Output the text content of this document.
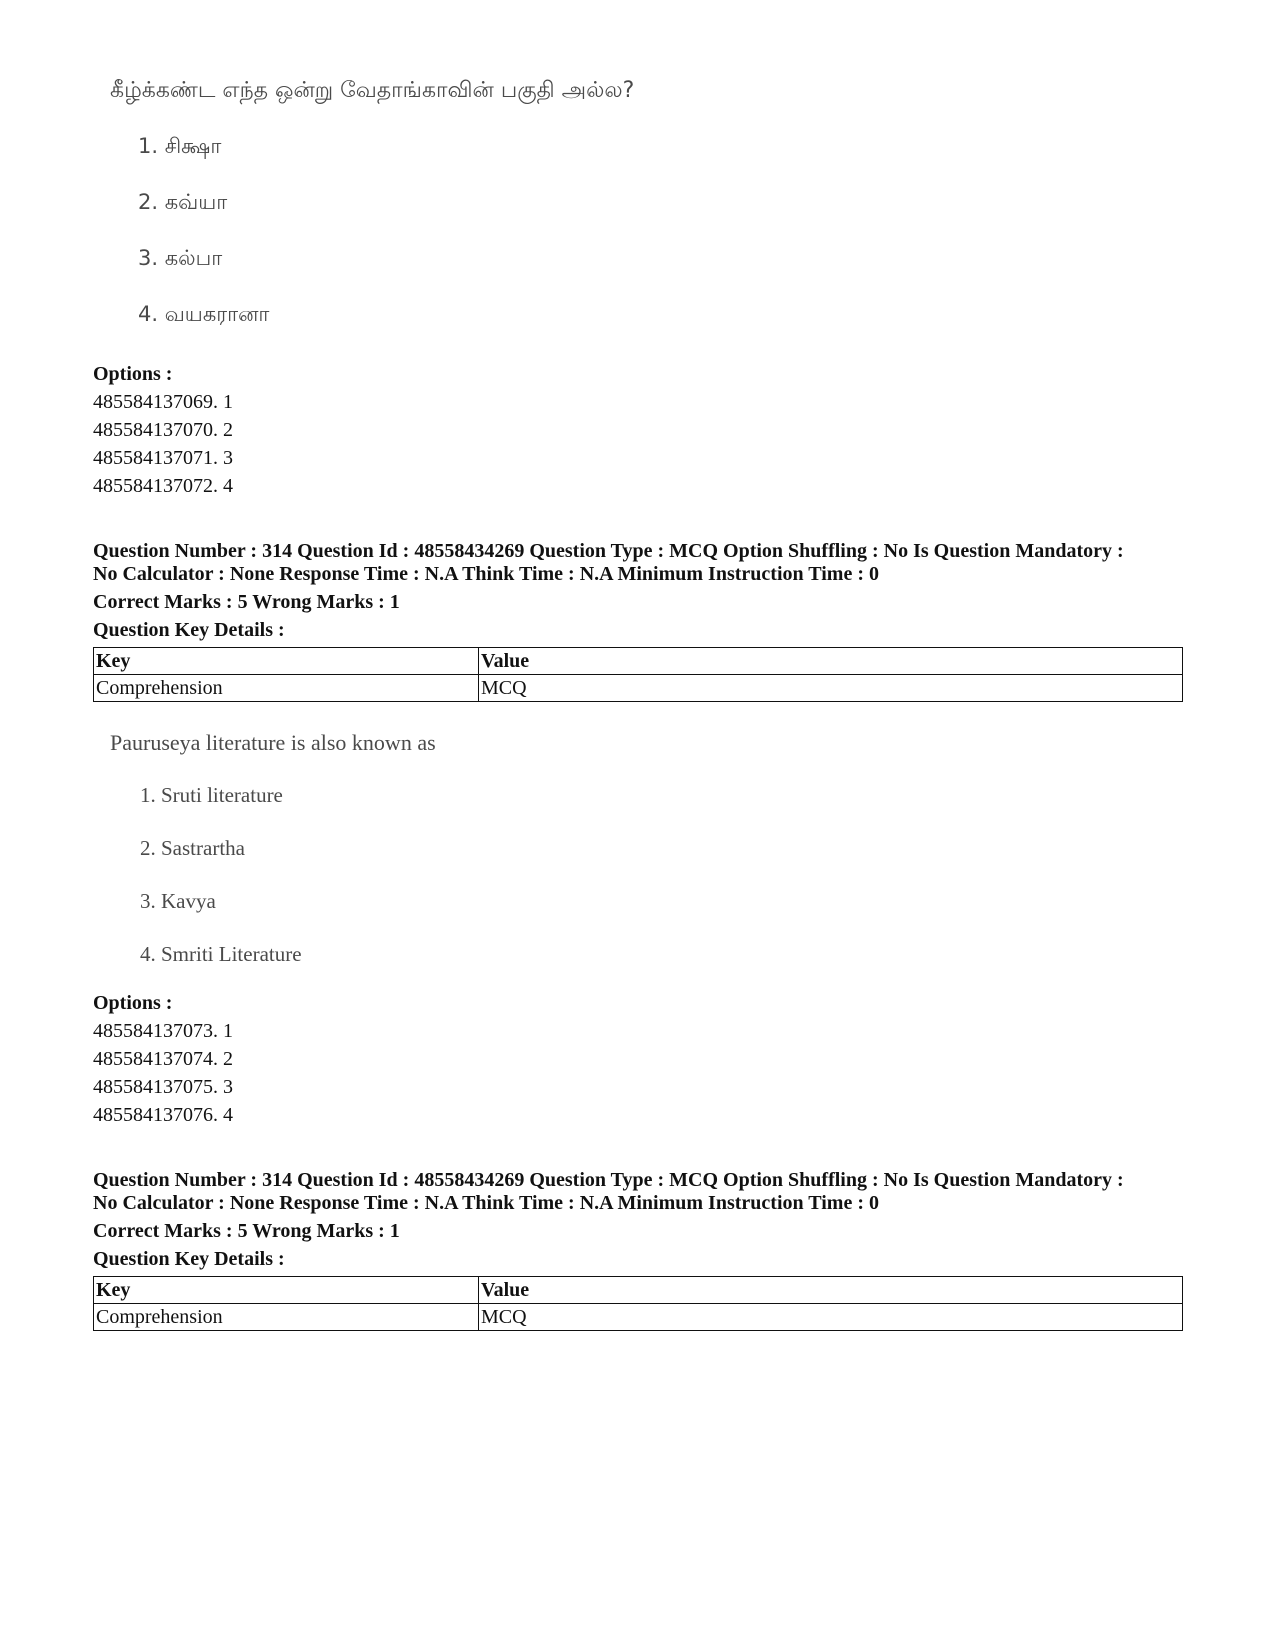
கீழ்க்கண்ட எந்த ஒன்று வேதாங்காவின் பகுதி அல்ல?
1. சிக்ஷா
2. கவ்யா
3. கல்பா
4. வயகரானா
Options :
485584137069. 1
485584137070. 2
485584137071. 3
485584137072. 4
Question Number : 314 Question Id : 48558434269 Question Type : MCQ Option Shuffling : No Is Question Mandatory :
No Calculator : None Response Time : N.A Think Time : N.A Minimum Instruction Time : 0
Correct Marks : 5 Wrong Marks : 1
Question Key Details :
Key	Value
Comprehension	MCQ
Pauruseya literature is also known as
1. Sruti literature
2. Sastrartha
3. Kavya
4. Smriti Literature
Options :
485584137073. 1
485584137074. 2
485584137075. 3
485584137076. 4
Question Number : 314 Question Id : 48558434269 Question Type : MCQ Option Shuffling : No Is Question Mandatory :
No Calculator : None Response Time : N.A Think Time : N.A Minimum Instruction Time : 0
Correct Marks : 5 Wrong Marks : 1
Question Key Details :
Key	Value
Comprehension	MCQ
